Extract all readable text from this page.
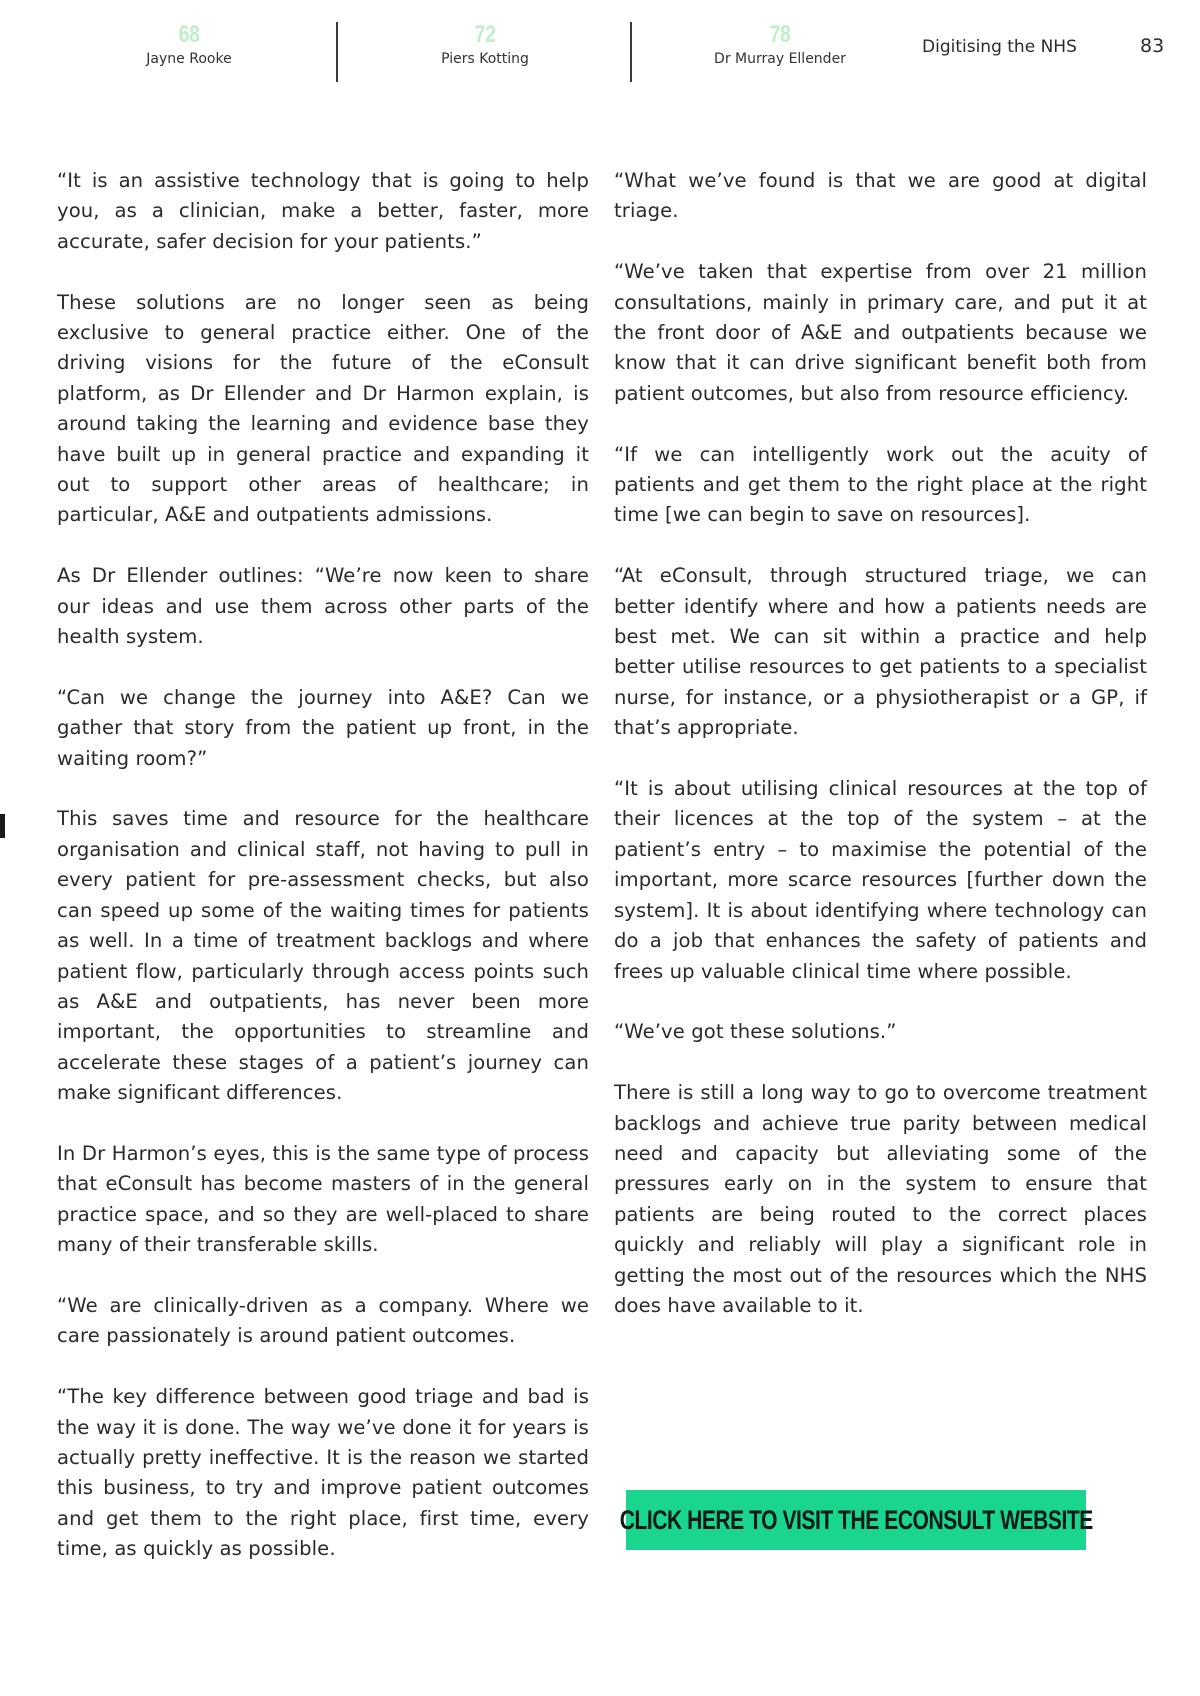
68
Jayne Rooke
72
Piers Kotting
78
Dr Murray Ellender
Digitising the NHS	83

“It is an assistive technology that is going to help you, as a clinician, make a better, faster, more accurate, safer decision for your patients.”

These solutions are no longer seen as being exclusive to general practice either. One of the driving visions for the future of the eConsult platform, as Dr Ellender and Dr Harmon explain, is around taking the learning and evidence base they have built up in general practice and expanding it out to support other areas of healthcare; in particular, A&E and outpatients admissions.

As Dr Ellender outlines: “We’re now keen to share our ideas and use them across other parts of the health system.

“Can we change the journey into A&E? Can we gather that story from the patient up front, in the waiting room?”

This saves time and resource for the healthcare organisation and clinical staff, not having to pull in every patient for pre-assessment checks, but also can speed up some of the waiting times for patients as well. In a time of treatment backlogs and where patient flow, particularly through access points such as A&E and outpatients, has never been more important, the opportunities to streamline and accelerate these stages of a patient’s journey can make significant differences.

In Dr Harmon’s eyes, this is the same type of process that eConsult has become masters of in the general practice space, and so they are well-placed to share many of their transferable skills.

“We are clinically-driven as a company. Where we care passionately is around patient outcomes.

“The key difference between good triage and bad is the way it is done. The way we’ve done it for years is actually pretty ineffective. It is the reason we started this business, to try and improve patient outcomes and get them to the right place, first time, every time, as quickly as possible.

“What we’ve found is that we are good at digital triage.

“We’ve taken that expertise from over 21 million consultations, mainly in primary care, and put it at the front door of A&E and outpatients because we know that it can drive significant benefit both from patient outcomes, but also from resource efficiency.

“If we can intelligently work out the acuity of patients and get them to the right place at the right time [we can begin to save on resources].

“At eConsult, through structured triage, we can better identify where and how a patients needs are best met. We can sit within a practice and help better utilise resources to get patients to a specialist nurse, for instance, or a physiotherapist or a GP, if that’s appropriate.

“It is about utilising clinical resources at the top of their licences at the top of the system – at the patient’s entry – to maximise the potential of the important, more scarce resources [further down the system]. It is about identifying where technology can do a job that enhances the safety of patients and frees up valuable clinical time where possible.

“We’ve got these solutions.”

There is still a long way to go to overcome treatment backlogs and achieve true parity between medical need and capacity but alleviating some of the pressures early on in the system to ensure that patients are being routed to the correct places quickly and reliably will play a significant role in getting the most out of the resources which the NHS does have available to it.

CLICK HERE TO VISIT THE ECONSULT WEBSITE
